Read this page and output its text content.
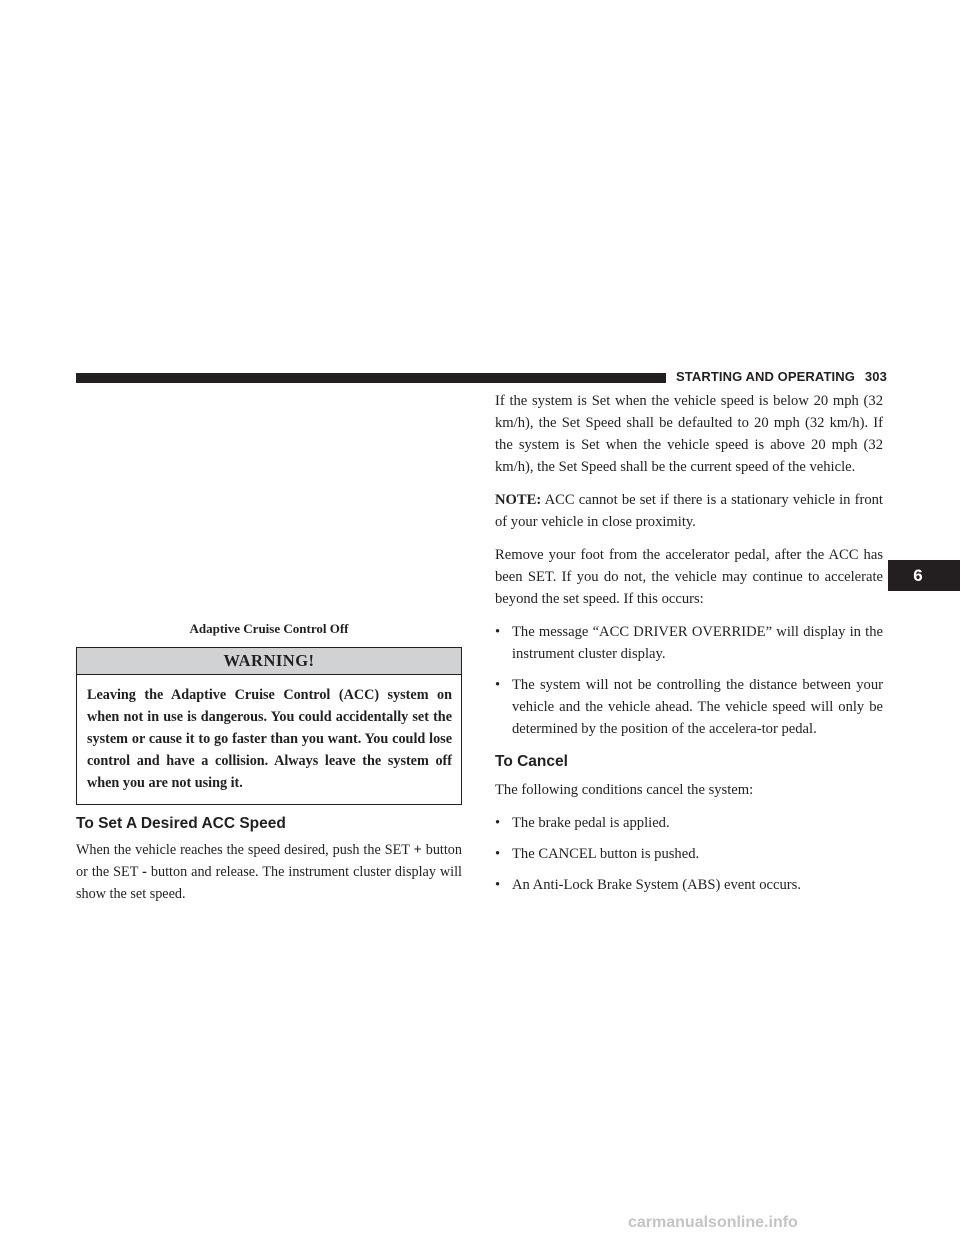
STARTING AND OPERATING 303
6
Adaptive Cruise Control Off
WARNING!
Leaving the Adaptive Cruise Control (ACC) system on when not in use is dangerous. You could accidentally set the system or cause it to go faster than you want. You could lose control and have a collision. Always leave the system off when you are not using it.
To Set A Desired ACC Speed

When the vehicle reaches the speed desired, push the SET + button or the SET - button and release. The instrument cluster display will show the set speed.

If the system is Set when the vehicle speed is below 20 mph (32 km/h), the Set Speed shall be defaulted to 20 mph (32 km/h). If the system is Set when the vehicle speed is above 20 mph (32 km/h), the Set Speed shall be the current speed of the vehicle.

NOTE: ACC cannot be set if there is a stationary vehicle in front of your vehicle in close proximity.

Remove your foot from the accelerator pedal, after the ACC has been SET. If you do not, the vehicle may continue to accelerate beyond the set speed. If this occurs:

• The message “ACC DRIVER OVERRIDE” will display in the instrument cluster display.
• The system will not be controlling the distance between your vehicle and the vehicle ahead. The vehicle speed will only be determined by the position of the accelera-tor pedal.
To Cancel

The following conditions cancel the system:

• The brake pedal is applied.
• The CANCEL button is pushed.
• An Anti-Lock Brake System (ABS) event occurs.
carmanualsonline.info
